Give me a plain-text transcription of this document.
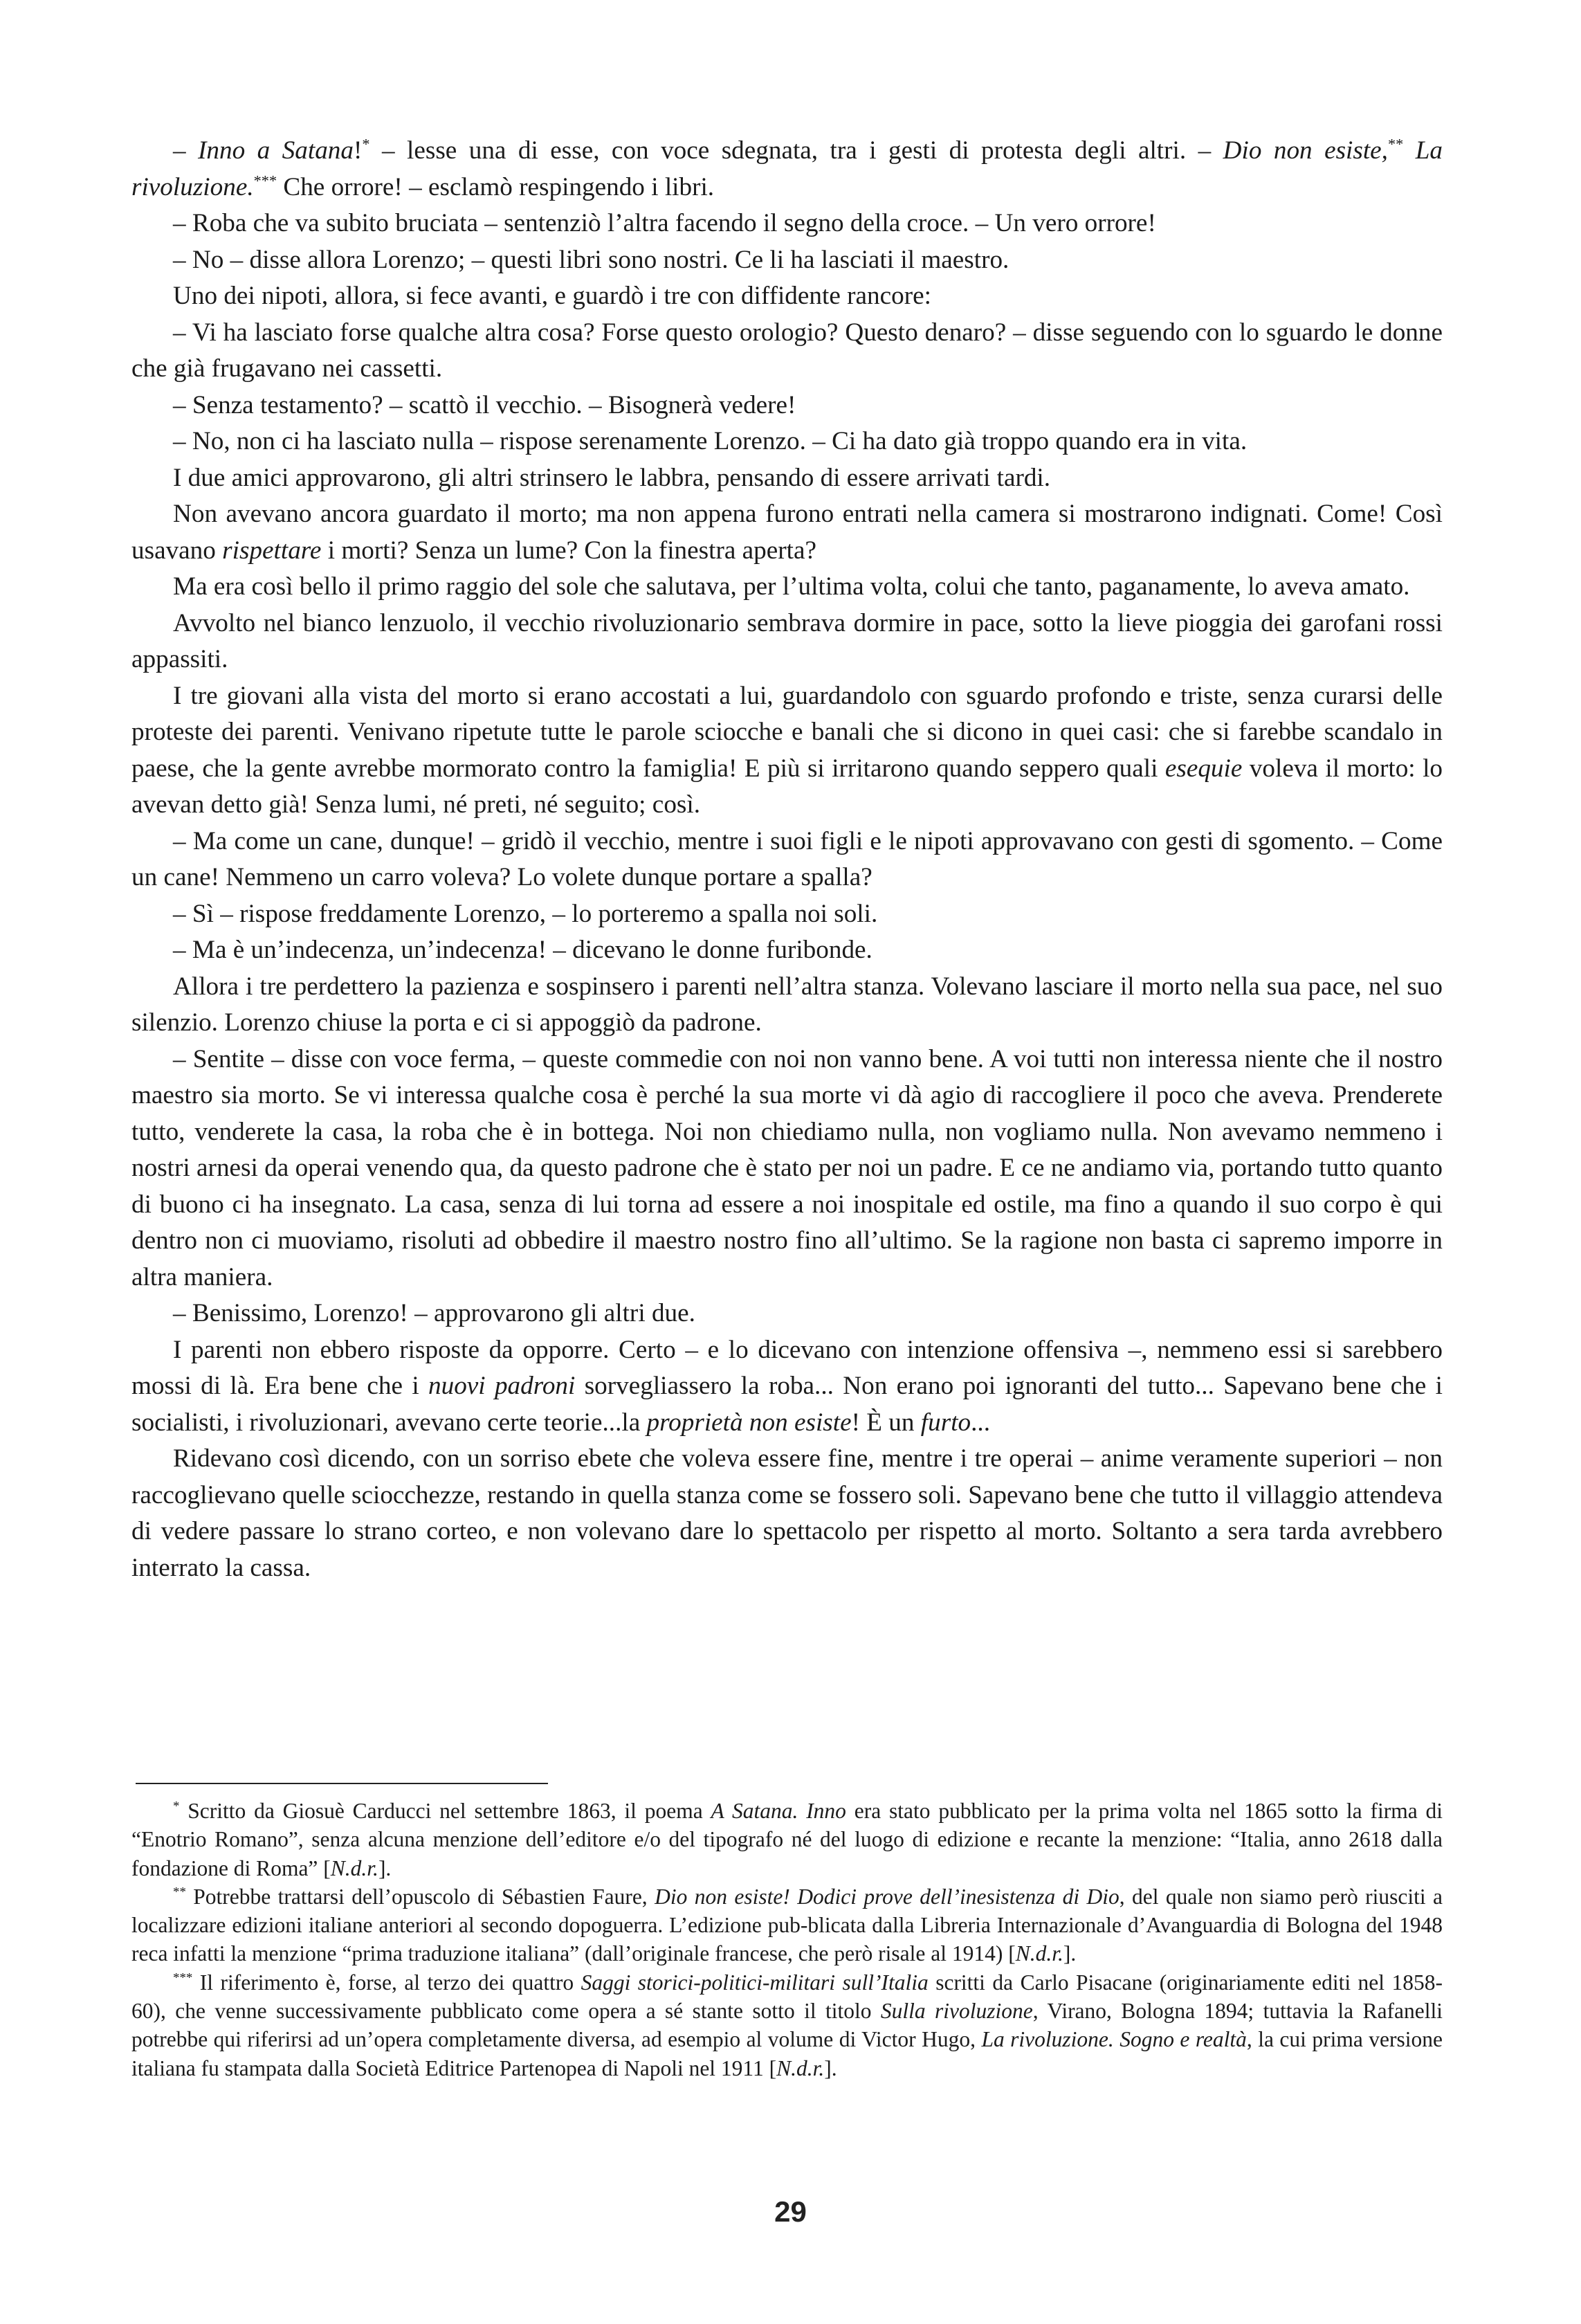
– Inno a Satana!* – lesse una di esse, con voce sdegnata, tra i gesti di protesta degli altri. – Dio non esiste,** La rivoluzione.*** Che orrore! – esclamò respingendo i libri.

– Roba che va subito bruciata – sentenziò l’altra facendo il segno della croce. – Un vero orrore!

– No – disse allora Lorenzo; – questi libri sono nostri. Ce li ha lasciati il maestro.

Uno dei nipoti, allora, si fece avanti, e guardò i tre con diffidente rancore:

– Vi ha lasciato forse qualche altra cosa? Forse questo orologio? Questo denaro? – disse seguendo con lo sguardo le donne che già frugavano nei cassetti.

– Senza testamento? – scattò il vecchio. – Bisognerà vedere!

– No, non ci ha lasciato nulla – rispose serenamente Lorenzo. – Ci ha dato già troppo quando era in vita.

I due amici approvarono, gli altri strinsero le labbra, pensando di essere arrivati tardi.

Non avevano ancora guardato il morto; ma non appena furono entrati nella camera si mostrarono indignati. Come! Così usavano rispettare i morti? Senza un lume? Con la finestra aperta?

Ma era così bello il primo raggio del sole che salutava, per l’ultima volta, colui che tanto, paganamente, lo aveva amato.

Avvolto nel bianco lenzuolo, il vecchio rivoluzionario sembrava dormire in pace, sotto la lieve pioggia dei garofani rossi appassiti.

I tre giovani alla vista del morto si erano accostati a lui, guardandolo con sguardo profondo e triste, senza curarsi delle proteste dei parenti. Venivano ripetute tutte le parole sciocche e banali che si dicono in quei casi: che si farebbe scandalo in paese, che la gente avrebbe mormorato contro la famiglia! E più si irritarono quando seppero quali esequie voleva il morto: lo avevan detto già! Senza lumi, né preti, né seguito; così.

– Ma come un cane, dunque! – gridò il vecchio, mentre i suoi figli e le nipoti approvavano con gesti di sgomento. – Come un cane! Nemmeno un carro voleva? Lo volete dunque portare a spalla?

– Sì – rispose freddamente Lorenzo, – lo porteremo a spalla noi soli.

– Ma è un’indecenza, un’indecenza! – dicevano le donne furibonde.

Allora i tre perdettero la pazienza e sospinsero i parenti nell’altra stanza. Volevano lasciare il morto nella sua pace, nel suo silenzio. Lorenzo chiuse la porta e ci si appoggiò da padrone.

– Sentite – disse con voce ferma, – queste commedie con noi non vanno bene. A voi tutti non interessa niente che il nostro maestro sia morto. Se vi interessa qualche cosa è perché la sua morte vi dà agio di raccogliere il poco che aveva. Prenderete tutto, venderete la casa, la roba che è in bottega. Noi non chiediamo nulla, non vogliamo nulla. Non avevamo nemmeno i nostri arnesi da operai venendo qua, da questo padrone che è stato per noi un padre. E ce ne andiamo via, portando tutto quanto di buono ci ha insegnato. La casa, senza di lui torna ad essere a noi inospitale ed ostile, ma fino a quando il suo corpo è qui dentro non ci muoviamo, risoluti ad obbedire il maestro nostro fino all’ultimo. Se la ragione non basta ci sapremo imporre in altra maniera.

– Benissimo, Lorenzo! – approvarono gli altri due.

I parenti non ebbero risposte da opporre. Certo – e lo dicevano con intenzione offensiva –, nemmeno essi si sarebbero mossi di là. Era bene che i nuovi padroni sorvegliassero la roba... Non erano poi ignoranti del tutto... Sapevano bene che i socialisti, i rivoluzionari, avevano certe teorie...la proprietà non esiste! È un furto...

Ridevano così dicendo, con un sorriso ebete che voleva essere fine, mentre i tre operai – anime veramente superiori – non raccoglievano quelle sciocchezze, restando in quella stanza come se fossero soli. Sapevano bene che tutto il villaggio attendeva di vedere passare lo strano corteo, e non volevano dare lo spettacolo per rispetto al morto. Soltanto a sera tarda avrebbero interrato la cassa.

* Scritto da Giosuè Carducci nel settembre 1863, il poema A Satana. Inno era stato pubblicato per la prima volta nel 1865 sotto la firma di “Enotrio Romano”, senza alcuna menzione dell’editore e/o del tipografo né del luogo di edizione e recante la menzione: “Italia, anno 2618 dalla fondazione di Roma” [N.d.r.].

** Potrebbe trattarsi dell’opuscolo di Sébastien Faure, Dio non esiste! Dodici prove dell’inesistenza di Dio, del quale non siamo però riusciti a localizzare edizioni italiane anteriori al secondo dopoguerra. L’edizione pub-blicata dalla Libreria Internazionale d’Avanguardia di Bologna del 1948 reca infatti la menzione “prima traduzione italiana” (dall’originale francese, che però risale al 1914) [N.d.r.].

*** Il riferimento è, forse, al terzo dei quattro Saggi storici-politici-militari sull’Italia scritti da Carlo Pisacane (originariamente editi nel 1858-60), che venne successivamente pubblicato come opera a sé stante sotto il titolo Sulla rivoluzione, Virano, Bologna 1894; tuttavia la Rafanelli potrebbe qui riferirsi ad un’opera completamente diversa, ad esempio al volume di Victor Hugo, La rivoluzione. Sogno e realtà, la cui prima versione italiana fu stampata dalla Società Editrice Partenopea di Napoli nel 1911 [N.d.r.].

29
